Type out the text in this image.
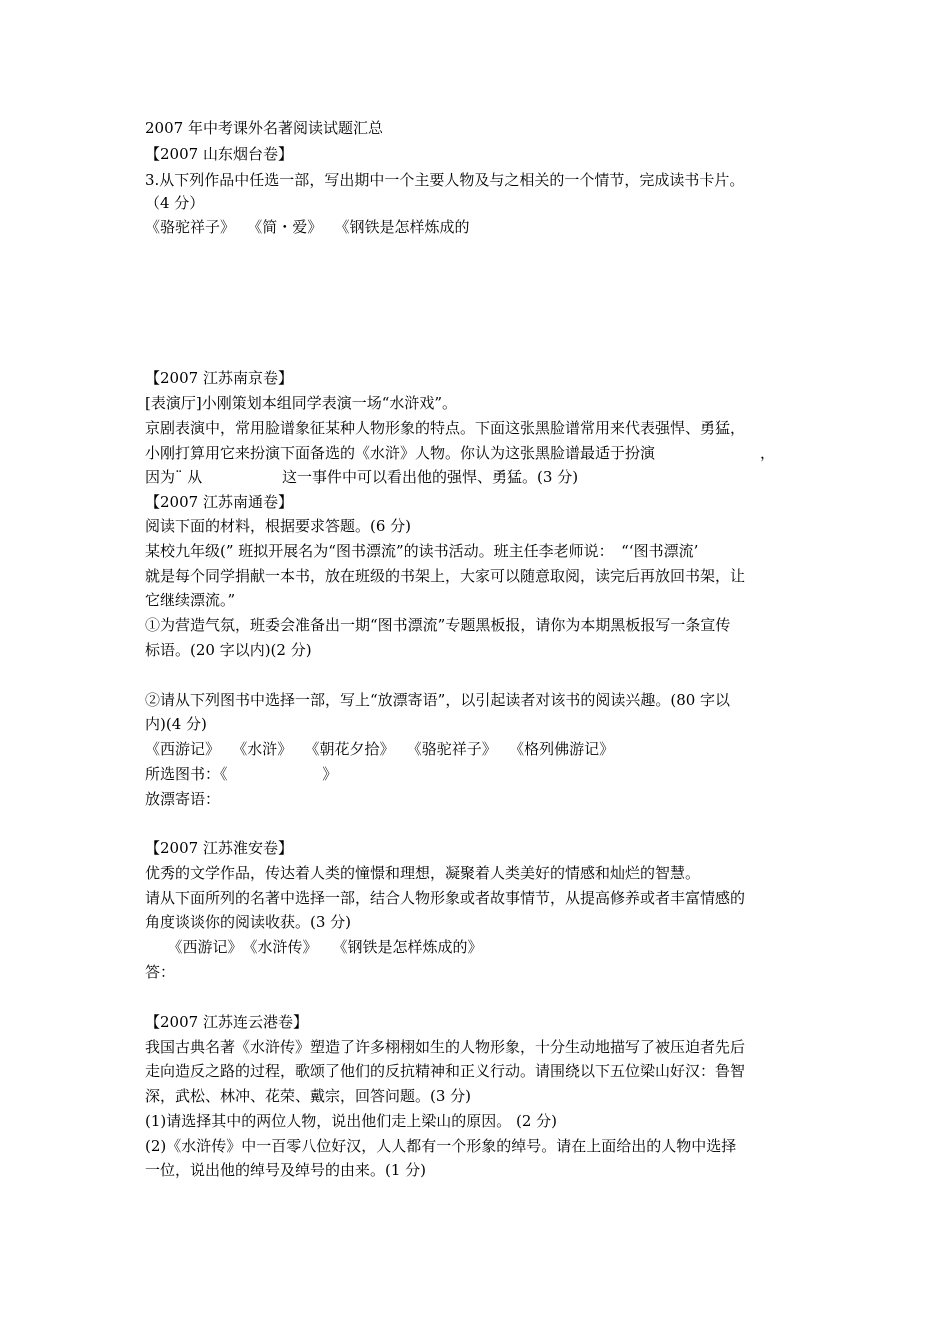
2007 年中考课外名著阅读试题汇总
【2007 山东烟台卷】
3.从下列作品中任选一部，写出期中一个主要人物及与之相关的一个情节，完成读书卡片。
（4 分）
《骆驼祥子》　 《简・爱》　 《钢铁是怎样炼成的
【2007 江苏南京卷】
[表演厅]小刚策划本组同学表演一场“水浒戏”。
京剧表演中，常用脸谱象征某种人物形象的特点。下面这张黑脸谱常用来代表强悍、勇猛，
小刚打算用它来扮演下面备选的《水浒》人物。你认为这张黑脸谱最适于扮演　　　　　　　，
因为¨ 从　　　　　 这一事件中可以看出他的强悍、勇猛。(3 分)
【2007 江苏南通卷】
阅读下面的材料，根据要求答题。(6 分)
某校九年级(” 班拟开展名为“图书漂流”的读书活动。班主任李老师说：　“‘图书漂流’
就是每个同学捐献一本书，放在班级的书架上，大家可以随意取阅，读完后再放回书架，让
它继续漂流。”
①为营造气氛，班委会准备出一期“图书漂流”专题黑板报，请你为本期黑板报写一条宣传
标语。(20 字以内)(2 分)
②请从下列图书中选择一部，写上“放漂寄语”，以引起读者对该书的阅读兴趣。(80 字以
内)(4 分)
《西游记》　 《水浒》　 《朝花夕拾》　 《骆驼祥子》　 《格列佛游记》
所选图书：《　　　　　　 》
放漂寄语：
【2007 江苏淮安卷】
优秀的文学作品，传达着人类的憧憬和理想，凝聚着人类美好的情感和灿烂的智慧。
请从下面所列的名著中选择一部，结合人物形象或者故事情节，从提高修养或者丰富情感的
角度谈谈你的阅读收获。(3 分)
　　《西游记》　《水浒传》　　《钢铁是怎样炼成的》
答：
【2007 江苏连云港卷】
我国古典名著《水浒传》塑造了许多栩栩如生的人物形象，十分生动地描写了被压迫者先后
走向造反之路的过程，歌颂了他们的反抗精神和正义行动。请围绕以下五位梁山好汉：鲁智
深，武松、林冲、花荣、戴宗，回答问题。(3 分)
(1)请选择其中的两位人物，说出他们走上梁山的原因。 (2 分)
(2)《水浒传》中一百零八位好汉，人人都有一个形象的绰号。请在上面给出的人物中选择
一位，说出他的绰号及绰号的由来。(1 分)
